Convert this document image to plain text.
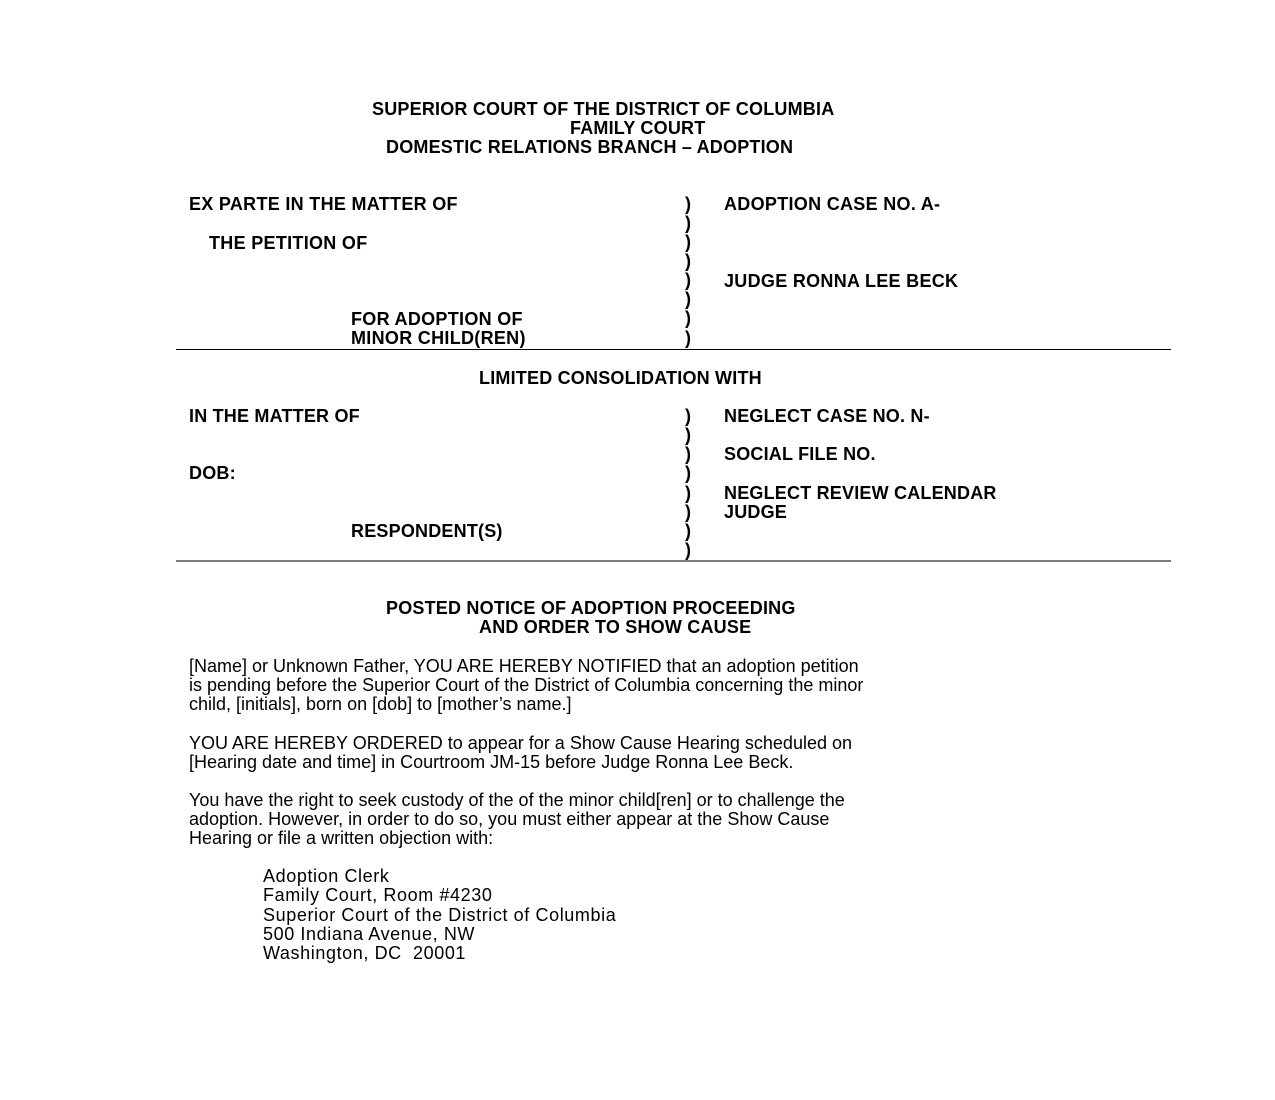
SUPERIOR COURT OF THE DISTRICT OF COLUMBIA
FAMILY COURT
DOMESTIC RELATIONS BRANCH – ADOPTION
EX PARTE IN THE MATTER OF
THE PETITION OF
FOR ADOPTION OF
MINOR CHILD(REN)
)
)
)
)
)
)
)
)
ADOPTION CASE NO. A-
JUDGE RONNA LEE BECK
LIMITED CONSOLIDATION WITH
IN THE MATTER OF
DOB:
RESPONDENT(S)
)
)
)
)
)
)
)
)
NEGLECT CASE NO. N-
SOCIAL FILE NO.
NEGLECT REVIEW CALENDAR
JUDGE
POSTED NOTICE OF ADOPTION PROCEEDING
AND ORDER TO SHOW CAUSE
[Name] or Unknown Father, YOU ARE HEREBY NOTIFIED that an adoption petition
is pending before the Superior Court of the District of Columbia concerning the minor
child, [initials], born on [dob] to [mother’s name.]
YOU ARE HEREBY ORDERED to appear for a Show Cause Hearing scheduled on
[Hearing date and time] in Courtroom JM-15 before Judge Ronna Lee Beck.
You have the right to seek custody of the of the minor child[ren] or to challenge the
adoption. However, in order to do so, you must either appear at the Show Cause
Hearing or file a written objection with:
Adoption Clerk
Family Court, Room #4230
Superior Court of the District of Columbia
500 Indiana Avenue, NW
Washington, DC  20001
